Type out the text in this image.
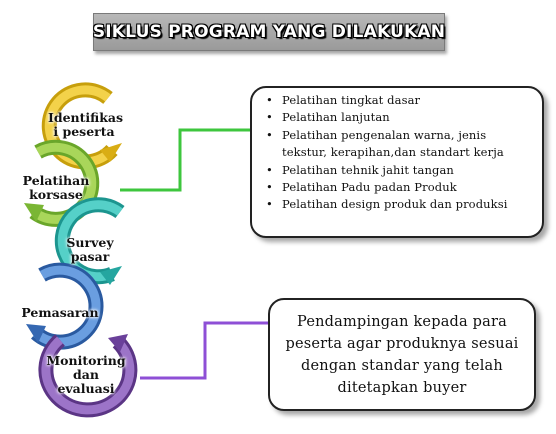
SIKLUS PROGRAM YANG DILAKUKAN
Identifikas
i peserta
Pelatihan
korsase
Survey
pasar
Pemasaran
Monitoring
dan
evaluasi
• Pelatihan tingkat dasar
• Pelatihan lanjutan
• Pelatihan pengenalan warna, jenis tekstur, kerapihan,dan standart kerja
• Pelatihan tehnik jahit tangan
• Pelatihan Padu padan Produk
• Pelatihan design produk dan produksi
Pendampingan kepada para peserta agar produknya sesuai dengan standar yang telah ditetapkan buyer
